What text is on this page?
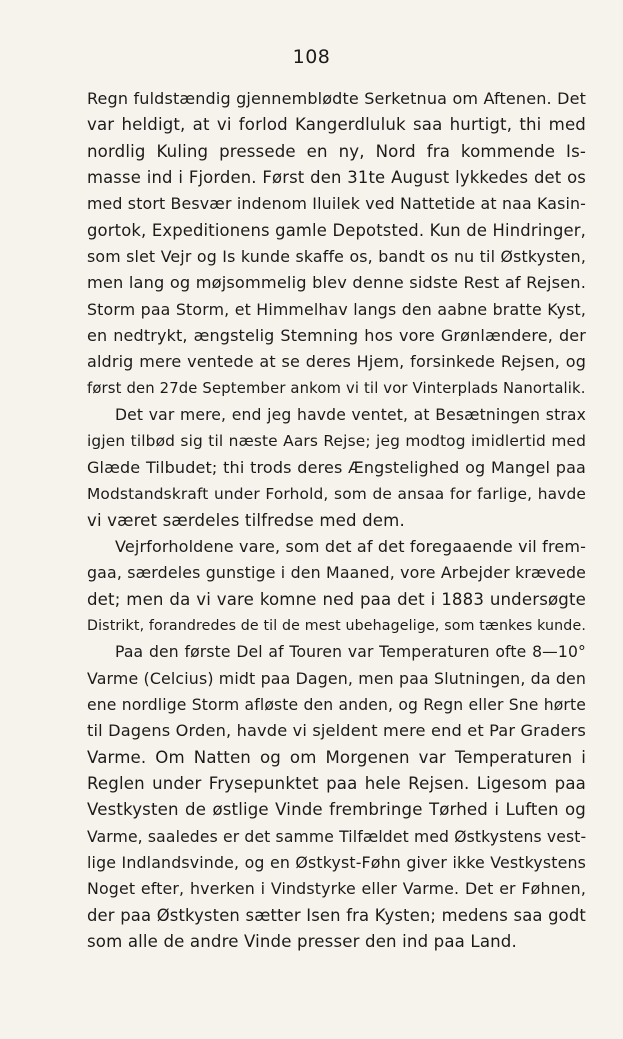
108
Regn fuldstændig gjennemblødte Serketnua om Aftenen. Det
var heldigt, at vi forlod Kangerdluluk saa hurtigt, thi med
nordlig Kuling pressede en ny, Nord fra kommende Is-
masse ind i Fjorden. Først den 31te August lykkedes det os
med stort Besvær indenom Iluilek ved Nattetide at naa Kasin-
gortok, Expeditionens gamle Depotsted. Kun de Hindringer,
som slet Vejr og Is kunde skaffe os, bandt os nu til Østkysten,
men lang og møjsommelig blev denne sidste Rest af Rejsen.
Storm paa Storm, et Himmelhav langs den aabne bratte Kyst,
en nedtrykt, ængstelig Stemning hos vore Grønlændere, der
aldrig mere ventede at se deres Hjem, forsinkede Rejsen, og
først den 27de September ankom vi til vor Vinterplads Nanortalik.
Det var mere, end jeg havde ventet, at Besætningen strax
igjen tilbød sig til næste Aars Rejse; jeg modtog imidlertid med
Glæde Tilbudet; thi trods deres Ængstelighed og Mangel paa
Modstandskraft under Forhold, som de ansaa for farlige, havde
vi været særdeles tilfredse med dem.
Vejrforholdene vare, som det af det foregaaende vil frem-
gaa, særdeles gunstige i den Maaned, vore Arbejder krævede
det; men da vi vare komne ned paa det i 1883 undersøgte
Distrikt, forandredes de til de mest ubehagelige, som tænkes kunde.
Paa den første Del af Touren var Temperaturen ofte 8—10°
Varme (Celcius) midt paa Dagen, men paa Slutningen, da den
ene nordlige Storm afløste den anden, og Regn eller Sne hørte
til Dagens Orden, havde vi sjeldent mere end et Par Graders
Varme. Om Natten og om Morgenen var Temperaturen i
Reglen under Frysepunktet paa hele Rejsen. Ligesom paa
Vestkysten de østlige Vinde frembringe Tørhed i Luften og
Varme, saaledes er det samme Tilfældet med Østkystens vest-
lige Indlandsvinde, og en Østkyst-Føhn giver ikke Vestkystens
Noget efter, hverken i Vindstyrke eller Varme. Det er Føhnen,
der paa Østkysten sætter Isen fra Kysten; medens saa godt
som alle de andre Vinde presser den ind paa Land.
